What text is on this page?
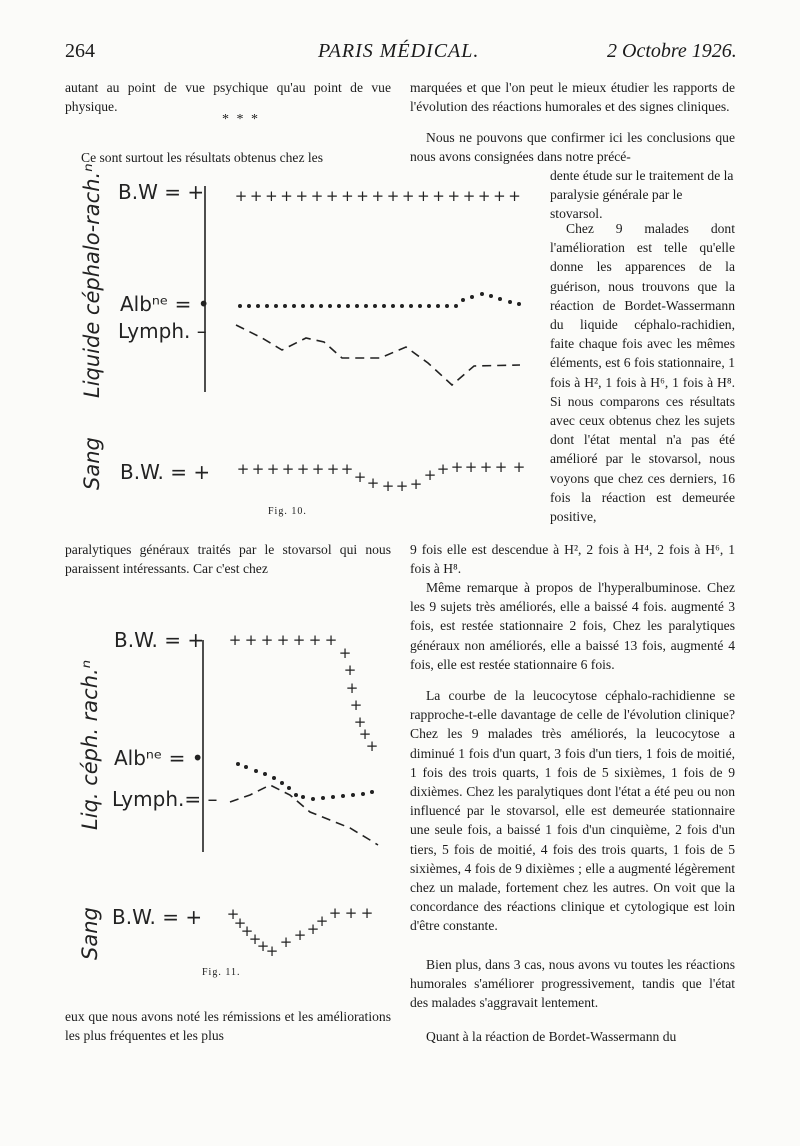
264	PARIS MÉDICAL.	2 Octobre 1926.

autant au point de vue psychique qu'au point de vue physique.

* * *

Ce sont surtout les résultats obtenus chez les

Liquide céphalo-rach.ⁿ
Sang
B.W = +
Albⁿᵉ = •
Lymph. –
B.W. = +
+ + + + + + + + + + + + + + + + + + +
+ + + + + + + + + + + + + + + + + + + +
Fig. 10.

paralytiques généraux traités par le stovarsol qui nous paraissent intéressants. Car c'est chez

Liq. céph. rach.ⁿ
Sang
B.W. = +
Albⁿᵉ = •
Lymph.= –
B.W. = +
+ + + + + + +
+
+
+
+
+
+
+
+
+
+
+
+
+ + + +
+ + + +
Fig. 11.

eux que nous avons noté les rémissions et les améliorations les plus fréquentes et les plus

marquées et que l'on peut le mieux étudier les rapports de l'évolution des réactions humorales et des signes cliniques.

Nous ne pouvons que confirmer ici les conclusions que nous avons consignées dans notre précé-

dente étude sur le traitement de la paralysie générale par le stovarsol.

Chez 9 malades dont l'amélioration est telle qu'elle donne les apparences de la guérison, nous trouvons que la réaction de Bordet-Wassermann du liquide céphalo-rachidien, faite chaque fois avec les mêmes éléments, est 6 fois stationnaire, 1 fois à H², 1 fois à H⁶, 1 fois à H⁸. Si nous comparons ces résultats avec ceux obtenus chez les sujets dont l'état mental n'a pas été amélioré par le stovarsol, nous voyons que chez ces derniers, 16 fois la réaction est demeurée positive,

9 fois elle est descendue à H², 2 fois à H⁴, 2 fois à H⁶, 1 fois à H⁸.

Même remarque à propos de l'hyperalbuminose. Chez les 9 sujets très améliorés, elle a baissé 4 fois. augmenté 3 fois, est restée stationnaire 2 fois, Chez les paralytiques généraux non améliorés, elle a baissé 13 fois, augmenté 4 fois, elle est restée stationnaire 6 fois.

La courbe de la leucocytose céphalo-rachidienne se rapproche-t-elle davantage de celle de l'évolution clinique? Chez les 9 malades très améliorés, la leucocytose a diminué 1 fois d'un quart, 3 fois d'un tiers, 1 fois de moitié, 1 fois des trois quarts, 1 fois de 5 sixièmes, 1 fois de 9 dixièmes. Chez les paralytiques dont l'état a été peu ou non influencé par le stovarsol, elle est demeurée stationnaire une seule fois, a baissé 1 fois d'un cinquième, 2 fois d'un tiers, 5 fois de moitié, 4 fois des trois quarts, 1 fois de 5 sixièmes, 4 fois de 9 dixièmes ; elle a augmenté légèrement chez un malade, fortement chez les autres. On voit que la concordance des réactions clinique et cytologique est loin d'être constante.

Bien plus, dans 3 cas, nous avons vu toutes les réactions humorales s'améliorer progressivement, tandis que l'état des malades s'aggravait lentement.

Quant à la réaction de Bordet-Wassermann du
